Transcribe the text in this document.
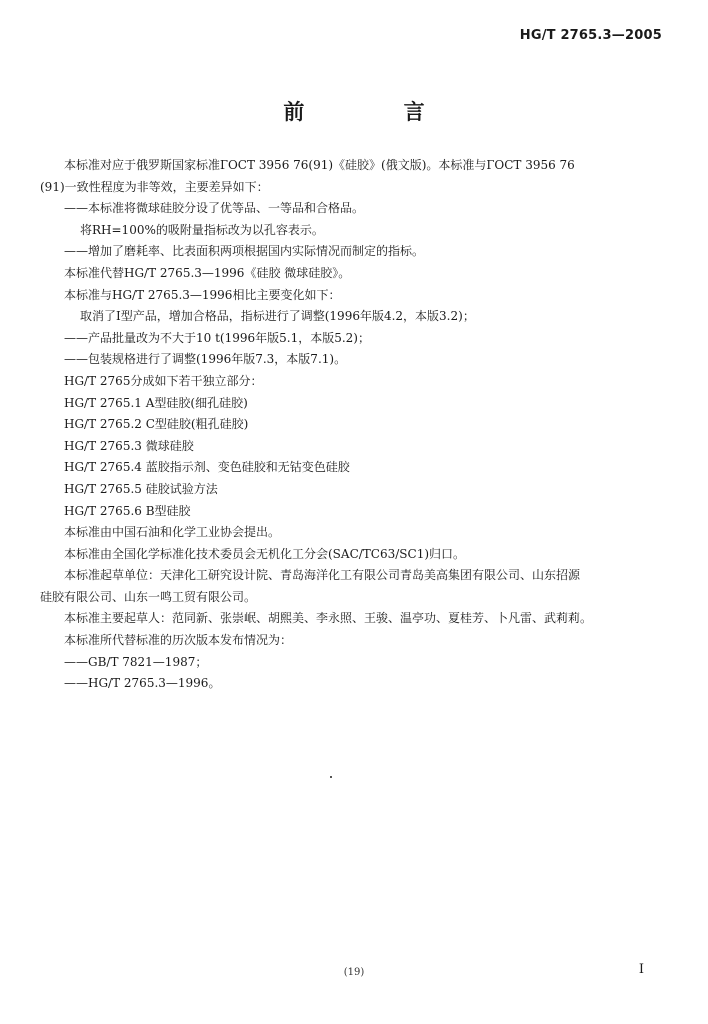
HG/T 2765.3—2005
前 言
本标准对应于俄罗斯国家标准ГОСТ 3956 76(91)《硅胶》(俄文版)。本标准与ГОСТ 3956 76
(91)一致性程度为非等效，主要差异如下：
——本标准将微球硅胶分设了优等品、一等品和合格品。
将RH=100%的吸附量指标改为以孔容表示。
——增加了磨耗率、比表面积两项根据国内实际情况而制定的指标。
本标准代替HG/T 2765.3—1996《硅胶 微球硅胶》。
本标准与HG/T 2765.3—1996相比主要变化如下：
取消了Ⅰ型产品，增加合格品，指标进行了调整(1996年版4.2，本版3.2)；
——产品批量改为不大于10 t(1996年版5.1，本版5.2)；
——包装规格进行了调整(1996年版7.3，本版7.1)。
HG/T 2765分成如下若干独立部分：
HG/T 2765.1 A型硅胶(细孔硅胶)
HG/T 2765.2 C型硅胶(粗孔硅胶)
HG/T 2765.3 微球硅胶
HG/T 2765.4 蓝胶指示剂、变色硅胶和无钴变色硅胶
HG/T 2765.5 硅胶试验方法
HG/T 2765.6 B型硅胶
本标准由中国石油和化学工业协会提出。
本标准由全国化学标准化技术委员会无机化工分会(SAC/TC63/SC1)归口。
本标准起草单位：天津化工研究设计院、青岛海洋化工有限公司青岛美高集团有限公司、山东招源
硅胶有限公司、山东一鸣工贸有限公司。
本标准主要起草人：范同新、张崇岷、胡熙美、李永照、王骏、温亭功、夏桂芳、卜凡雷、武莉莉。
本标准所代替标准的历次版本发布情况为：
——GB/T 7821—1987；
——HG/T 2765.3—1996。
(19)	Ⅰ
